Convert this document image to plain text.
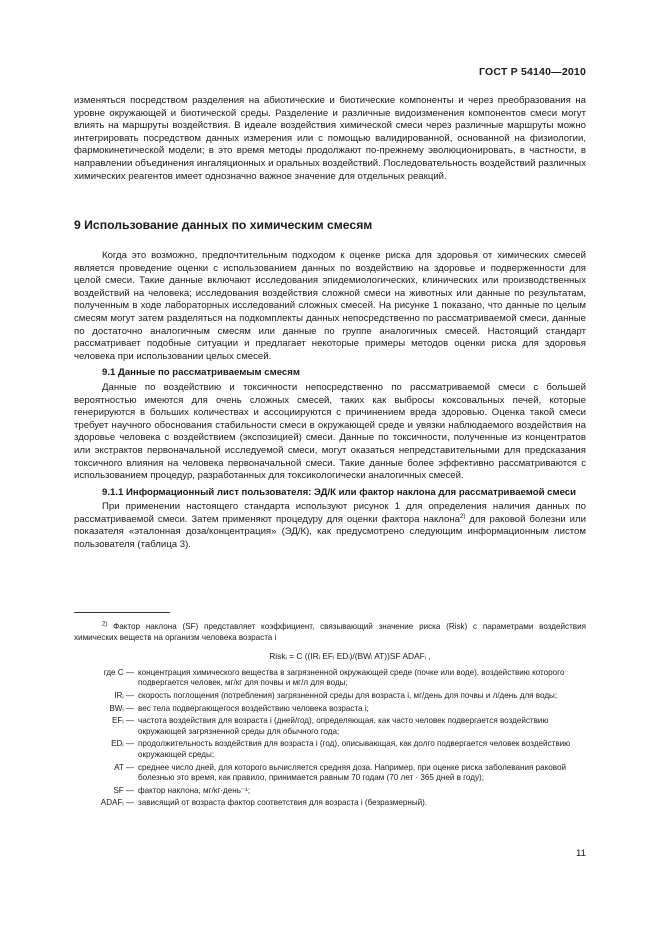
ГОСТ Р 54140—2010

изменяться посредством разделения на абиотические и биотические компоненты и через преобразования на уровне окружающей и биотической среды. Разделение и различные видоизменения компонентов смеси могут влиять на маршруты воздействия. В идеале воздействия химической смеси через различные маршруты можно интегрировать посредством данных измерения или с помощью валидированной, основанной на физиологии, фармокинетической модели; в это время методы продолжают по-прежнему эволюционировать, в частности, в направлении объединения ингаляционных и оральных воздействий. Последовательность воздействий различных химических реагентов имеет однозначно важное значение для отдельных реакций.

9 Использование данных по химическим смесям

Когда это возможно, предпочтительным подходом к оценке риска для здоровья от химических смесей является проведение оценки с использованием данных по воздействию на здоровье и подверженности для целой смеси. Такие данные включают исследования эпидемиологических, клинических или производственных воздействий на человека; исследования воздействия сложной смеси на животных или данные по результатам, полученным в ходе лабораторных исследований сложных смесей. На рисунке 1 показано, что данные по целым смесям могут затем разделяться на подкомплекты данных непосредственно по рассматриваемой смеси, данные по достаточно аналогичным смесям или данные по группе аналогичных смесей. Настоящий стандарт рассматривает подобные ситуации и предлагает некоторые примеры методов оценки риска для здоровья человека при использовании целых смесей.

9.1 Данные по рассматриваемым смесям

Данные по воздействию и токсичности непосредственно по рассматриваемой смеси с большей вероятностью имеются для очень сложных смесей, таких как выбросы коксовальных печей, которые генерируются в больших количествах и ассоциируются с причинением вреда здоровью. Оценка такой смеси требует научного обоснования стабильности смеси в окружающей среде и увязки наблюдаемого воздействия на здоровье человека с воздействием (экспозицией) смеси. Данные по токсичности, полученные из концентратов или экстрактов первоначальной исследуемой смеси, могут оказаться непредставительными для предсказания токсичного влияния на человека первоначальной смеси. Такие данные более эффективно рассматриваются с использованием процедур, разработанных для токсикологически аналогичных смесей.

9.1.1 Информационный лист пользователя: ЭД/К или фактор наклона для рассматриваемой смеси

При применении настоящего стандарта используют рисунок 1 для определения наличия данных по рассматриваемой смеси. Затем применяют процедуру для оценки фактора наклона$^{2)}$ для раковой болезни или показателя «эталонная доза/концентрация» (ЭД/К), как предусмотрено следующим информационным листом пользователя (таблица 3).

$^{2)}$ Фактор наклона (SF) представляет коэффициент, связывающий значение риска (Risk) с параметрами воздействия химических веществ на организм человека возраста i

Riskᵢ = C ((IRᵢ EFᵢ EDᵢ)/(BWᵢ AT))SF ADAFᵢ ,
где C —	концентрация химического вещества в загрязненной окружающей среде (почке или воде), воздействию которого подвергается человек, мг/кг для почвы и мг/л для воды;
IRᵢ —	скорость поглощения (потребления) загрязненной среды для возраста i, мг/день для почвы и л/день для воды;
BWᵢ —	вес тела подвергающегося воздействию человека возраста i;
EFᵢ —	частота воздействия для возраста i (дней/год), определяющая, как часто человек подвергается воздействию окружающей загрязненной среды для обычного года;
EDᵢ —	продолжительность воздействия для возраста i (год), описывающая, как долго подвергается человек воздействию окружающей среды;
AT —	среднее число дней, для которого вычисляется средняя доза. Например, при оценке риска заболевания раковой болезнью это время, как правило, принимается равным 70 годам (70 лет · 365 дней в году);
SF —	фактор наклона, мг/кг·день⁻¹;
ADAFᵢ —	зависящий от возраста фактор соответствия для возраста i (безразмерный).
11
